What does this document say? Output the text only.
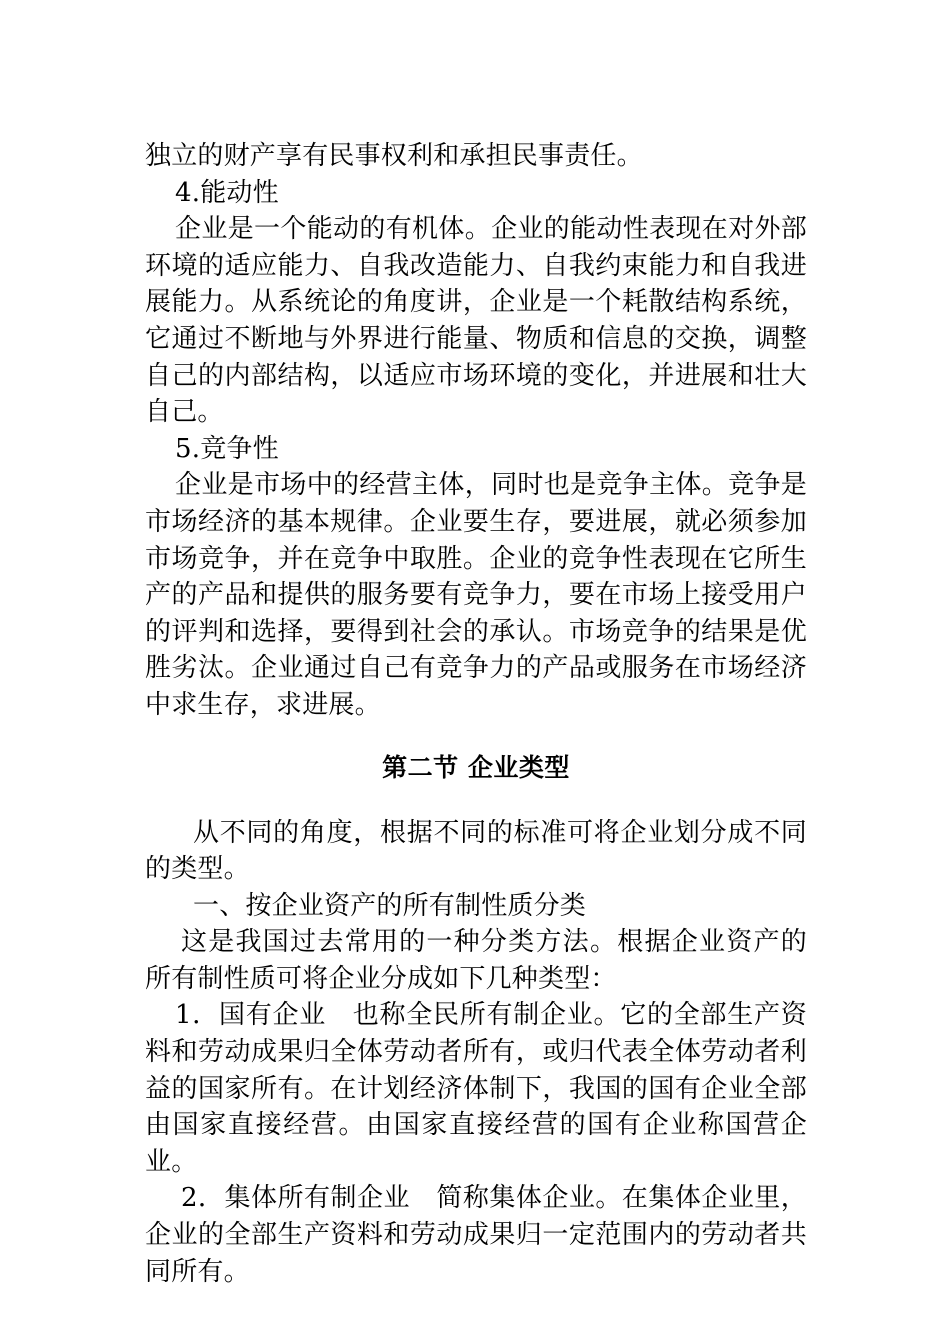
独立的财产享有民事权利和承担民事责任。

4.能动性

企业是一个能动的有机体。企业的能动性表现在对外部环境的适应能力、自我改造能力、自我约束能力和自我进展能力。从系统论的角度讲，企业是一个耗散结构系统，它通过不断地与外界进行能量、物质和信息的交换，调整自己的内部结构，以适应市场环境的变化，并进展和壮大自己。

5.竞争性

企业是市场中的经营主体，同时也是竞争主体。竞争是市场经济的基本规律。企业要生存，要进展，就必须参加市场竞争，并在竞争中取胜。企业的竞争性表现在它所生产的产品和提供的服务要有竞争力，要在市场上接受用户的评判和选择，要得到社会的承认。市场竞争的结果是优胜劣汰。企业通过自己有竞争力的产品或服务在市场经济中求生存，求进展。

第二节 企业类型

从不同的角度，根据不同的标准可将企业划分成不同的类型。

一、按企业资产的所有制性质分类

这是我国过去常用的一种分类方法。根据企业资产的所有制性质可将企业分成如下几种类型：

1．国有企业　也称全民所有制企业。它的全部生产资料和劳动成果归全体劳动者所有，或归代表全体劳动者利益的国家所有。在计划经济体制下，我国的国有企业全部由国家直接经营。由国家直接经营的国有企业称国营企业。

2．集体所有制企业　简称集体企业。在集体企业里，企业的全部生产资料和劳动成果归一定范围内的劳动者共同所有。
